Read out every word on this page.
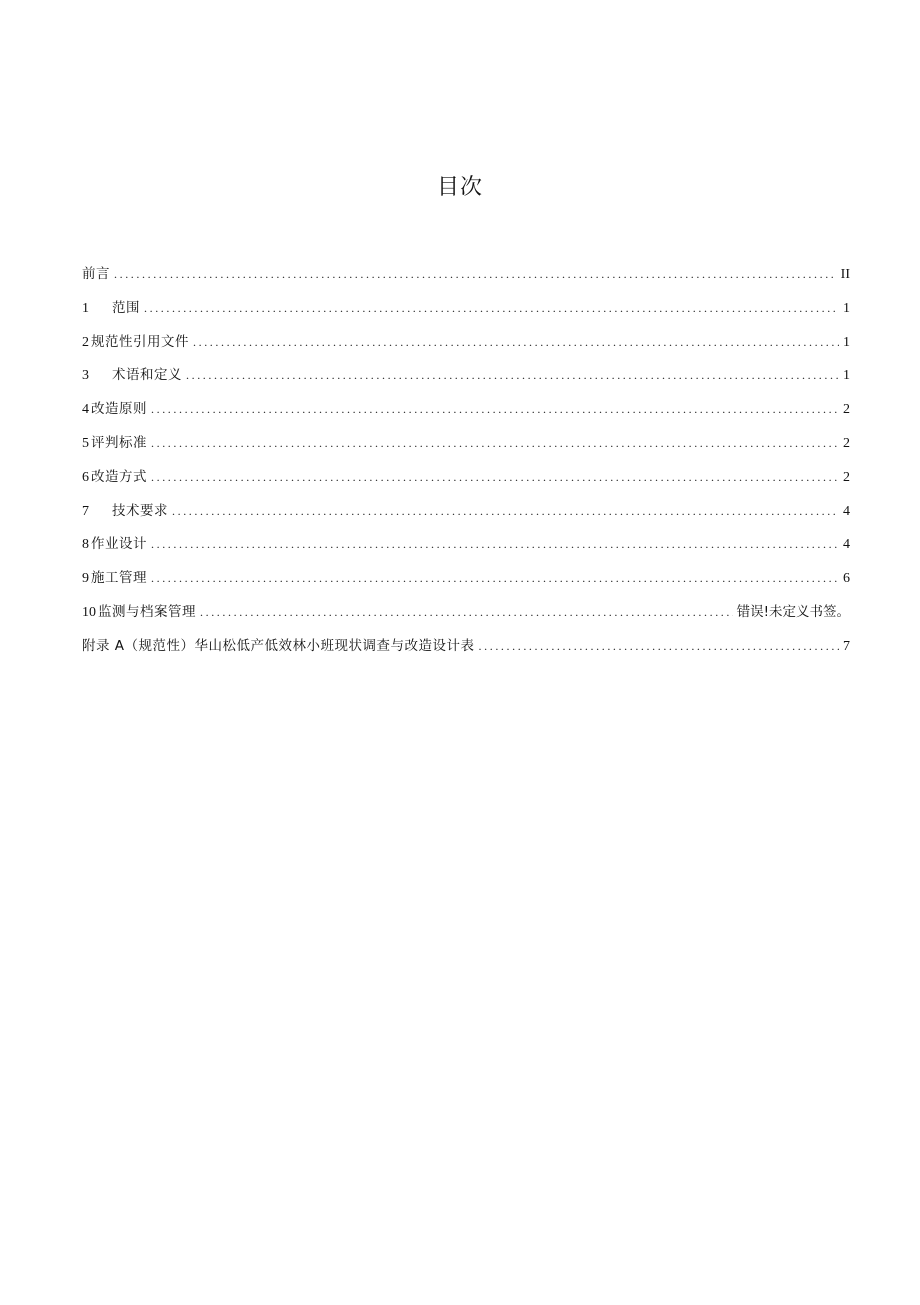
目次
前言 .....	II
1 范围 .....	1
2 规范性引用文件 .....	1
3 术语和定义 .....	1
4 改造原则 .....	2
5 评判标准 .....	2
6 改造方式 .....	2
7 技术要求 .....	4
8 作业设计 .....	4
9 施工管理 .....	6
10 监测与档案管理 .....	错误!未定义书签。
附录 A（规范性）华山松低产低效林小班现状调查与改造设计表 .....	7
